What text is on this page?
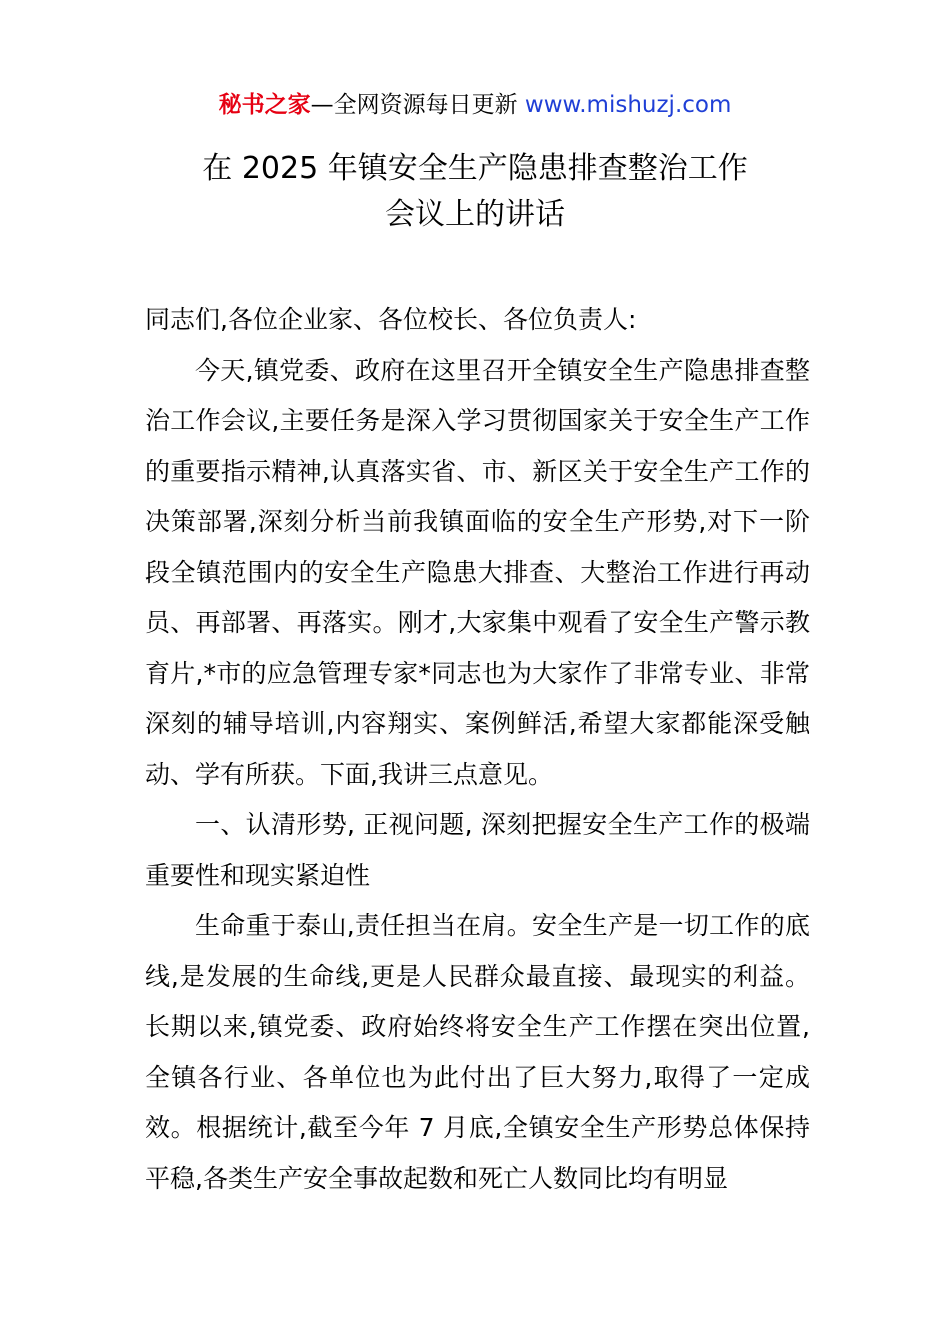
秘书之家—全网资源每日更新 www.mishuzj.com
在 2025 年镇安全生产隐患排查整治工作
会议上的讲话

同志们,各位企业家、各位校长、各位负责人:

今天,镇党委、政府在这里召开全镇安全生产隐患排查整治工作会议,主要任务是深入学习贯彻国家关于安全生产工作的重要指示精神,认真落实省、市、新区关于安全生产工作的决策部署,深刻分析当前我镇面临的安全生产形势,对下一阶段全镇范围内的安全生产隐患大排查、大整治工作进行再动员、再部署、再落实。刚才,大家集中观看了安全生产警示教育片,*市的应急管理专家*同志也为大家作了非常专业、非常深刻的辅导培训,内容翔实、案例鲜活,希望大家都能深受触动、学有所获。下面,我讲三点意见。

一、认清形势, 正视问题, 深刻把握安全生产工作的极端重要性和现实紧迫性

生命重于泰山,责任担当在肩。安全生产是一切工作的底线,是发展的生命线,更是人民群众最直接、最现实的利益。长期以来,镇党委、政府始终将安全生产工作摆在突出位置,全镇各行业、各单位也为此付出了巨大努力,取得了一定成效。根据统计,截至今年 7 月底,全镇安全生产形势总体保持平稳,各类生产安全事故起数和死亡人数同比均有明显
